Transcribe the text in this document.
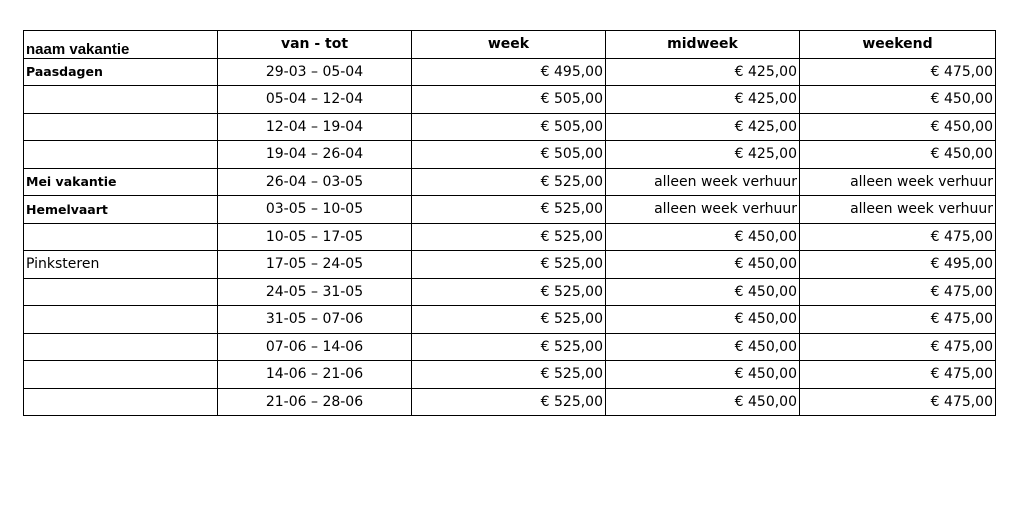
naam vakantie	van - tot	week	midweek	weekend
Paasdagen	29-03 – 05-04	€ 495,00	€ 425,00	€ 475,00
	05-04 – 12-04	€ 505,00	€ 425,00	€ 450,00
	12-04 – 19-04	€ 505,00	€ 425,00	€ 450,00
	19-04 – 26-04	€ 505,00	€ 425,00	€ 450,00
Mei vakantie	26-04 – 03-05	€ 525,00	alleen week verhuur	alleen week verhuur
Hemelvaart	03-05 – 10-05	€ 525,00	alleen week verhuur	alleen week verhuur
	10-05 – 17-05	€ 525,00	€ 450,00	€ 475,00
Pinksteren	17-05 – 24-05	€ 525,00	€ 450,00	€ 495,00
	24-05 – 31-05	€ 525,00	€ 450,00	€ 475,00
	31-05 – 07-06	€ 525,00	€ 450,00	€ 475,00
	07-06 – 14-06	€ 525,00	€ 450,00	€ 475,00
	14-06 – 21-06	€ 525,00	€ 450,00	€ 475,00
	21-06 – 28-06	€ 525,00	€ 450,00	€ 475,00
